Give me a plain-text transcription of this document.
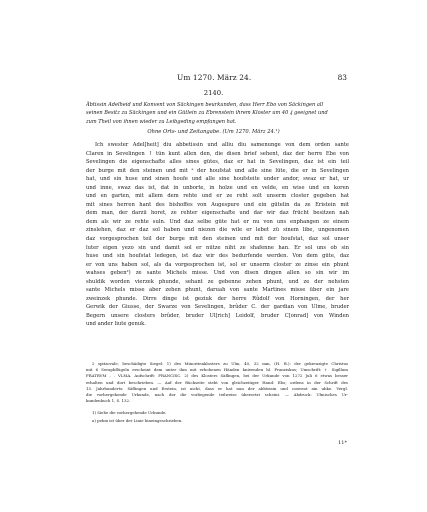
Um 1270. März 24.	83
2140.
Äbtissin Adelheid und Konvent von Säckingen beurkunden, dass Herr Ebo von Säckingen all
seinen Besitz zu Säckingen und ein Gütlein zu Ebrenstein ihrem Kloster um 40 ₰ geeignet und
zum Theil von ihnen wieder zu Leibgeding empfangen hat.
Ohne Orts- und Zeitangabe. (Um 1270. März 24.¹)
Ich swester Adel[heit] diu abbetissin und alliu diu samenunge von dem orden sante
Claren in Sevelingen ↑ tün kunt allen den, die disen brief sehent, daz der herre Ebe von
Sevelingen die eigenschafte alles sines gütes, daz er hat in Sevelingen, daz ist ein teil
der burge mit den steinen und mit ᵃ der houfstat und alle sine lüte, die er in Sevelingen
hat, und sin huse und sinen houfe und alle sine houfsteite under andor, swaz er hat, ur
und inne, swaz das ist, dat in unborte, in holze und en velde, en wise und en koren
und en garten, mit allem dem rehte und er ze reht solt unserm closter gegeben hat
mit sines herren hant des bishoffes von Augespure und ein gütelin da ze Eristein mit
dem man, der darzü horet, ze rehter eigenschafte und dar wir daz frücht besitzen nah
dem als wir ze rehte suln. Und daz selbe güte hat er nu von uns enphangen ze einem
zinslehen, daz er daz sol haben und niezen die wile er lebet zü sinem libe, ungenomen
daz vorgesprochen teil der burge mit den steinen und mit der houfstat, daz sol unser
luter eigen yezo sin und damit sol er nütze niht ze shafenne han. Er sol uns ob sin
huse und sin houfstat ledegen, ist daz wir des bedurfende werden. Von dem güte, daz
er von uns haben sol, als da vorgesprochen ist, sol er unserm closter ze zinse ein phunt
wahses geben²) ze sante Michels misse. Und von disen dingen allen so sin wir im
shuldik worden vierzek phunde, sehant ze gebenne zehen phunt, und ze der nehsten
sante Michels misse aber zehen phunt, daruah von sante Martines misse über ein jare
zweinzek phunde. Dirre dinge ist geziuk der herre Rûdolf von Horningen, der her
Gerwik der Giusse, der Swarze von Sevelingen, brûder C. der gardian von Ulme, bruder
Begern unsere closters brûder, bruder Ul[rich] Leidolf, bruder C[onrad] von Winden
und ander liute genuk.
2 spitzovale, beschädigte Siegel: 1) des Minoritenklosters zu Ulm, 40, 32 mm, (H. B.): der gekreuzigte Christus
mit 6 Seraphflügeln erscheint dem unter ihm mit erhobenen Händen knieenden hl. Franziskus; Umschrift: † Sigillum
FRATRVM . . VLMA. Aufschrift: FRANCISC. 2) des Klosters Säflingen, bei der Urkunde von 1272 Juli 6 etwas besser
erhalten und dort beschrieben. — Auf der Rückseite steht von gleichzeitiger Hand: Ebo; ordens in der Schrift des
15. Jahrhunderts: Säflingen und Erstein, ist nicht, dass er hat nun der abbtissin und convent ain ubke. Vergl.
die vorhergehende Urkunde, nach der die vorliegende teilweise übersetzt scheint. — Abdruck: Ulmisches Ur-
kundenbuch 1, S. 132.
1) Siehe die vorhergehende Urkunde.
a) pebm ist über der Linie hineingeschrieben.
11*
